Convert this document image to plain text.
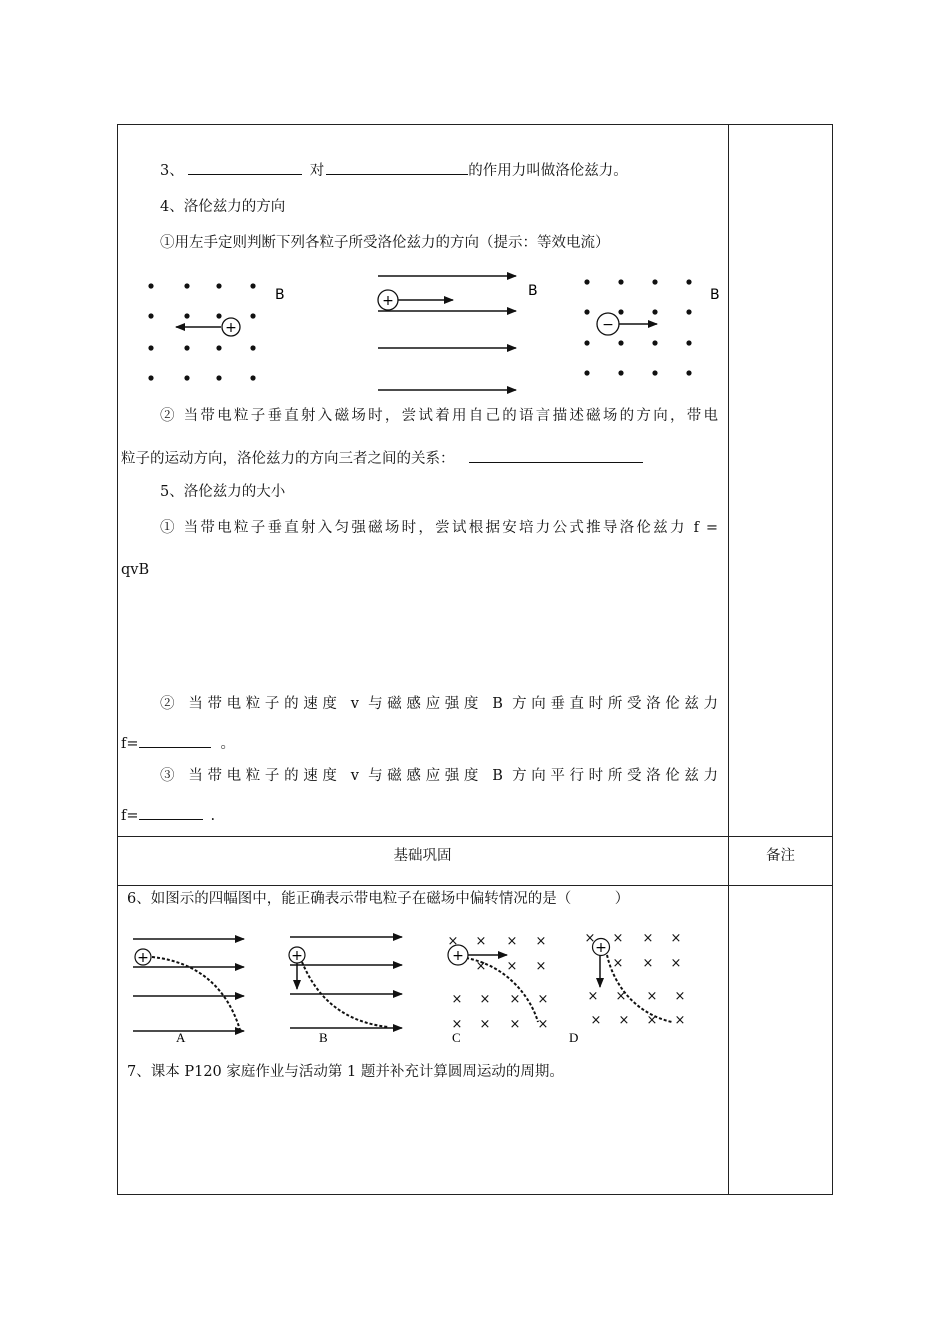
3、	对	的作用力叫做洛伦兹力。
4、洛伦兹力的方向
①用左手定则判断下列各粒子所受洛伦兹力的方向（提示：等效电流）
+
B	+
B
−
B
+	+	+	+
× × × ×
× × ×
× × × ×
× × × ×
× × × ×
× × ×
× × × ×
× × × ×
A	B	C	D
② 当带电粒子垂直射入磁场时，尝试着用自己的语言描述磁场的方向，带电
粒子的运动方向，洛伦兹力的方向三者之间的关系：
5、洛伦兹力的大小
① 当带电粒子垂直射入匀强磁场时，尝试根据安培力公式推导洛伦兹力 f =
qvB
② 当带电粒子的速度 v 与磁感应强度 B 方向垂直时所受洛伦兹力
f=	。
③ 当带电粒子的速度 v 与磁感应强度 B 方向平行时所受洛伦兹力
f=	.
基础巩固	备注
6、如图示的四幅图中，能正确表示带电粒子在磁场中偏转情况的是（　　　）
7、课本 P120 家庭作业与活动第 1 题并补充计算圆周运动的周期。
